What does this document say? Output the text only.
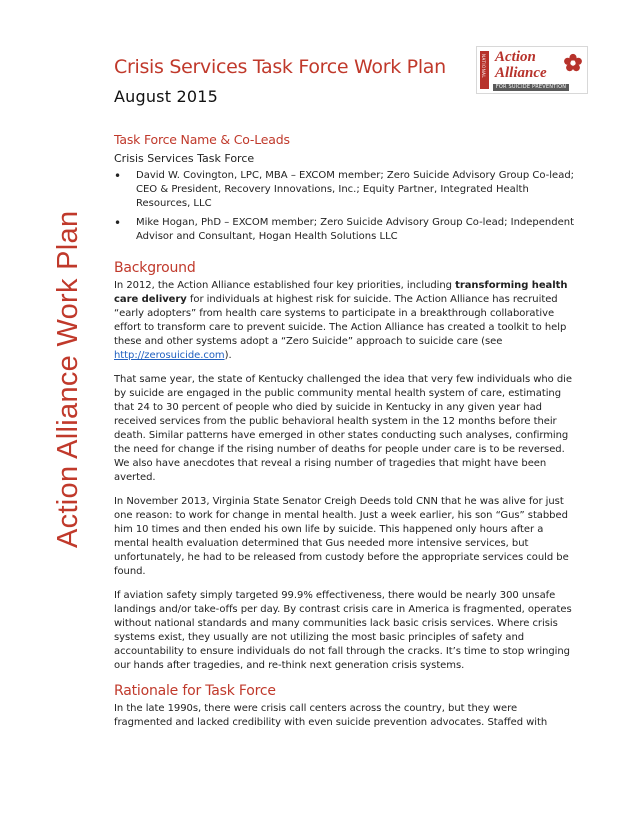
Action Alliance Work Plan
Crisis Services Task Force Work Plan
August 2015
NATIONAL Action
Alliance
FOR SUICIDE PREVENTION
Task Force Name & Co-Leads
Crisis Services Task Force
• David W. Covington, LPC, MBA – EXCOM member; Zero Suicide Advisory Group Co-lead; CEO & President, Recovery Innovations, Inc.; Equity Partner, Integrated Health Resources, LLC
• Mike Hogan, PhD – EXCOM member; Zero Suicide Advisory Group Co-lead; Independent Advisor and Consultant, Hogan Health Solutions LLC
Background

In 2012, the Action Alliance established four key priorities, including transforming health care delivery for individuals at highest risk for suicide. The Action Alliance has recruited “early adopters” from health care systems to participate in a breakthrough collaborative effort to transform care to prevent suicide. The Action Alliance has created a toolkit to help these and other systems adopt a “Zero Suicide” approach to suicide care (see http://zerosuicide.com).

That same year, the state of Kentucky challenged the idea that very few individuals who die by suicide are engaged in the public community mental health system of care, estimating that 24 to 30 percent of people who died by suicide in Kentucky in any given year had received services from the public behavioral health system in the 12 months before their death. Similar patterns have emerged in other states conducting such analyses, confirming the need for change if the rising number of deaths for people under care is to be reversed. We also have anecdotes that reveal a rising number of tragedies that might have been averted.

In November 2013, Virginia State Senator Creigh Deeds told CNN that he was alive for just one reason: to work for change in mental health. Just a week earlier, his son “Gus” stabbed him 10 times and then ended his own life by suicide. This happened only hours after a mental health evaluation determined that Gus needed more intensive services, but unfortunately, he had to be released from custody before the appropriate services could be found.

If aviation safety simply targeted 99.9% effectiveness, there would be nearly 300 unsafe landings and/or take-offs per day. By contrast crisis care in America is fragmented, operates without national standards and many communities lack basic crisis services. Where crisis systems exist, they usually are not utilizing the most basic principles of safety and accountability to ensure individuals do not fall through the cracks. It’s time to stop wringing our hands after tragedies, and re-think next generation crisis systems.

Rationale for Task Force

In the late 1990s, there were crisis call centers across the country, but they were fragmented and lacked credibility with even suicide prevention advocates. Staffed with
